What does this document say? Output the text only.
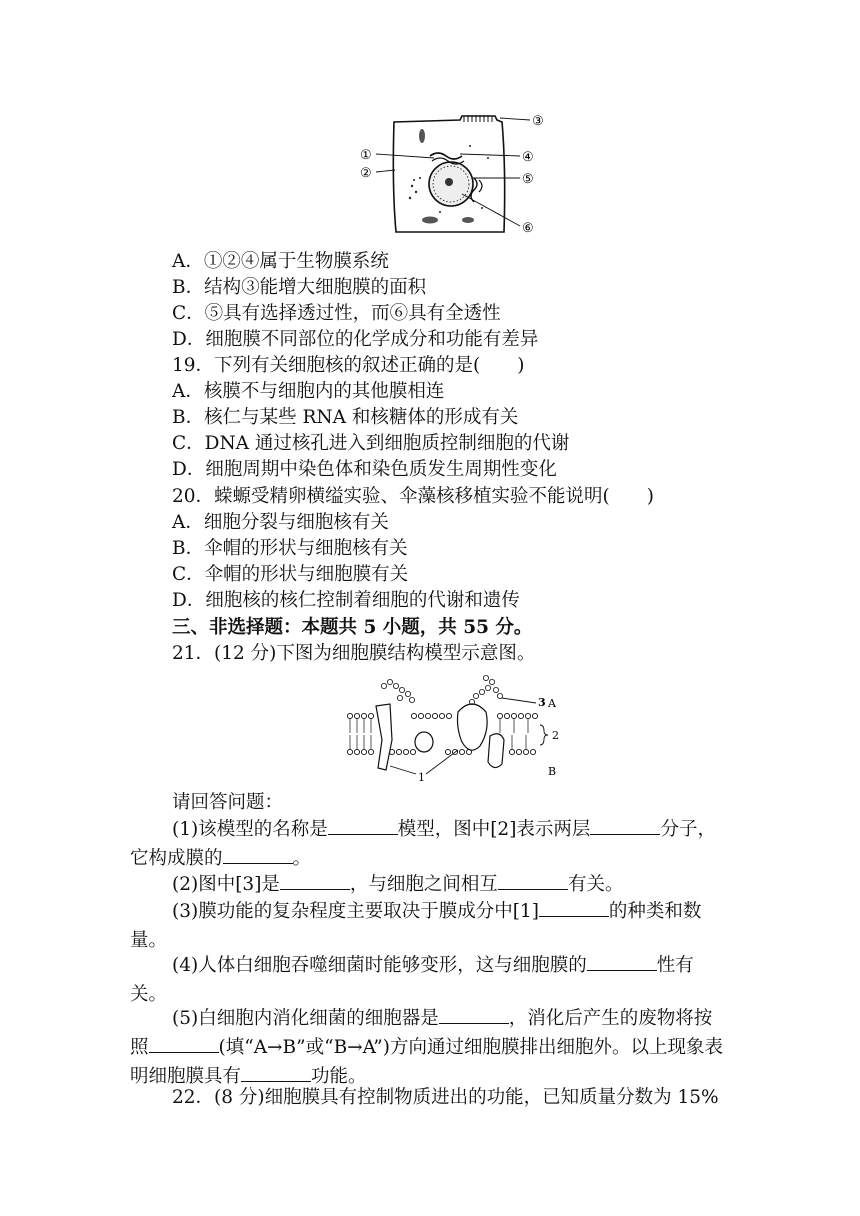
③
①
②
④
⑤
⑥
A．①②④属于生物膜系统
B．结构③能增大细胞膜的面积
C．⑤具有选择透过性，而⑥具有全透性
D．细胞膜不同部位的化学成分和功能有差异
19．下列有关细胞核的叙述正确的是(　　)
A．核膜不与细胞内的其他膜相连
B．核仁与某些 RNA 和核糖体的形成有关
C．DNA 通过核孔进入到细胞质控制细胞的代谢
D．细胞周期中染色体和染色质发生周期性变化
20．蝾螈受精卵横缢实验、伞藻核移植实验不能说明(　　)
A．细胞分裂与细胞核有关
B．伞帽的形状与细胞核有关
C．伞帽的形状与细胞膜有关
D．细胞核的核仁控制着细胞的代谢和遗传
三、非选择题：本题共 5 小题，共 55 分。
21．(12 分)下图为细胞膜结构模型示意图。
3 A
2
B
1
请回答问题：
(1)该模型的名称是	模型，图中[2]表示两层	分子，它构成膜的	。
(2)图中[3]是	，与细胞之间相互	有关。
(3)膜功能的复杂程度主要取决于膜成分中[1]	的种类和数量。
(4)人体白细胞吞噬细菌时能够变形，这与细胞膜的	性有关。
(5)白细胞内消化细菌的细胞器是	，消化后产生的废物将按照	(填“A→B”或“B→A”)方向通过细胞膜排出细胞外。以上现象表明细胞膜具有	功能。
22．(8 分)细胞膜具有控制物质进出的功能，已知质量分数为 15%
